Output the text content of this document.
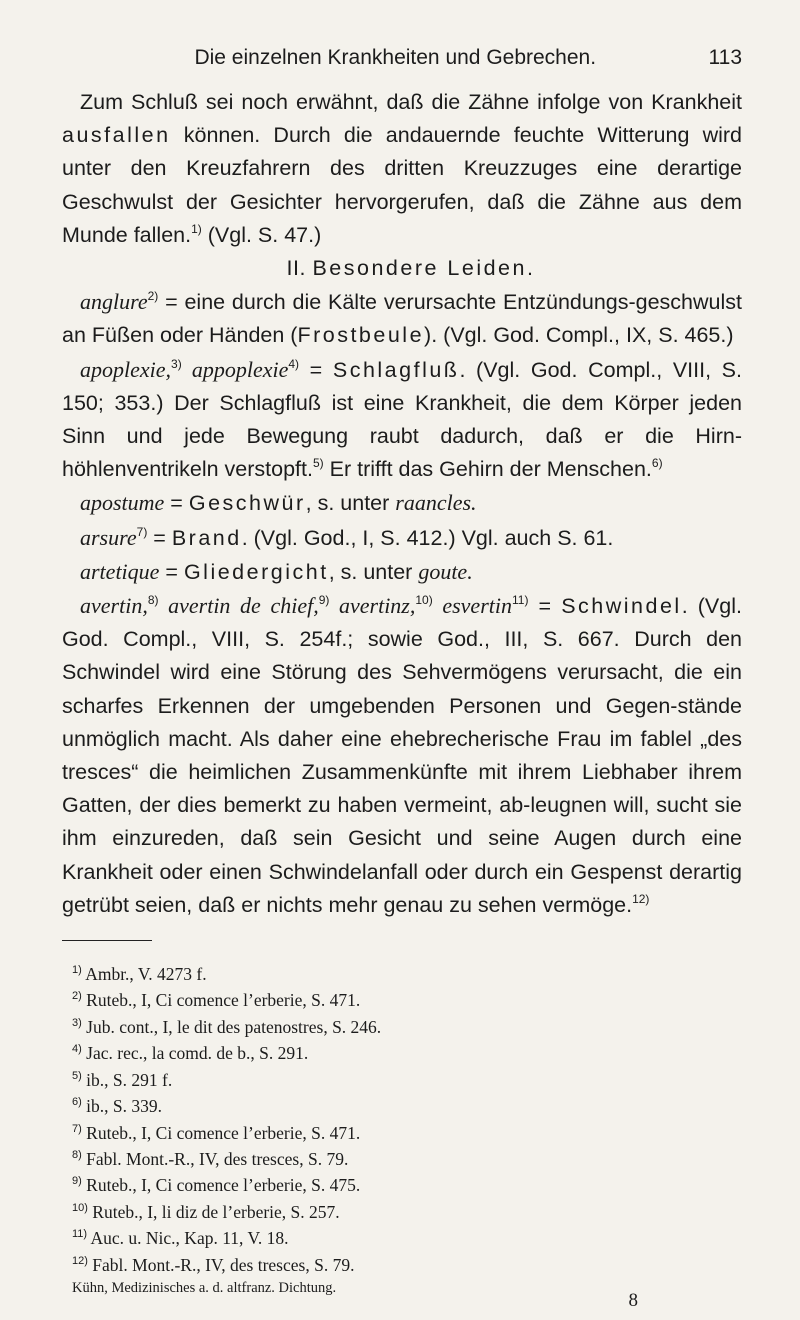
Die einzelnen Krankheiten und Gebrechen.	113

Zum Schluß sei noch erwähnt, daß die Zähne infolge von Krankheit ausfallen können. Durch die andauernde feuchte Witterung wird unter den Kreuzfahrern des dritten Kreuzzuges eine derartige Geschwulst der Gesichter hervorgerufen, daß die Zähne aus dem Munde fallen.$^{1)}$ (Vgl. S. 47.)

II. Besondere Leiden.

anglure$^{2)}$ = eine durch die Kälte verursachte Entzündungs-geschwulst an Füßen oder Händen (Frostbeule). (Vgl. God. Compl., IX, S. 465.)

apoplexie,$^{3)}$ appoplexie$^{4)}$ = Schlagfluß. (Vgl. God. Compl., VIII, S. 150; 353.) Der Schlagfluß ist eine Krankheit, die dem Körper jeden Sinn und jede Bewegung raubt dadurch, daß er die Hirn-höhlenventrikeln verstopft.$^{5)}$ Er trifft das Gehirn der Menschen.$^{6)}$

apostume = Geschwür, s. unter raancles.

arsure$^{7)}$ = Brand. (Vgl. God., I, S. 412.) Vgl. auch S. 61.

artetique = Gliedergicht, s. unter goute.

avertin,$^{8)}$ avertin de chief,$^{9)}$ avertinz,$^{10)}$ esvertin$^{11)}$ = Schwindel. (Vgl. God. Compl., VIII, S. 254f.; sowie God., III, S. 667. Durch den Schwindel wird eine Störung des Sehvermögens verursacht, die ein scharfes Erkennen der umgebenden Personen und Gegen-stände unmöglich macht. Als daher eine ehebrecherische Frau im fablel „des tresces“ die heimlichen Zusammenkünfte mit ihrem Liebhaber ihrem Gatten, der dies bemerkt zu haben vermeint, ab-leugnen will, sucht sie ihm einzureden, daß sein Gesicht und seine Augen durch eine Krankheit oder einen Schwindelanfall oder durch ein Gespenst derartig getrübt seien, daß er nichts mehr genau zu sehen vermöge.$^{12)}$

$^{1)}$ Ambr., V. 4273 f.
$^{2)}$ Ruteb., I, Ci comence l’erberie, S. 471.
$^{3)}$ Jub. cont., I, le dit des patenostres, S. 246.
$^{4)}$ Jac. rec., la comd. de b., S. 291.
$^{5)}$ ib., S. 291 f.
$^{6)}$ ib., S. 339.
$^{7)}$ Ruteb., I, Ci comence l’erberie, S. 471.
$^{8)}$ Fabl. Mont.-R., IV, des tresces, S. 79.
$^{9)}$ Ruteb., I, Ci comence l’erberie, S. 475.
$^{10)}$ Ruteb., I, li diz de l’erberie, S. 257.
$^{11)}$ Auc. u. Nic., Kap. 11, V. 18.
$^{12)}$ Fabl. Mont.-R., IV, des tresces, S. 79.
Kühn, Medizinisches a. d. altfranz. Dichtung.
8
